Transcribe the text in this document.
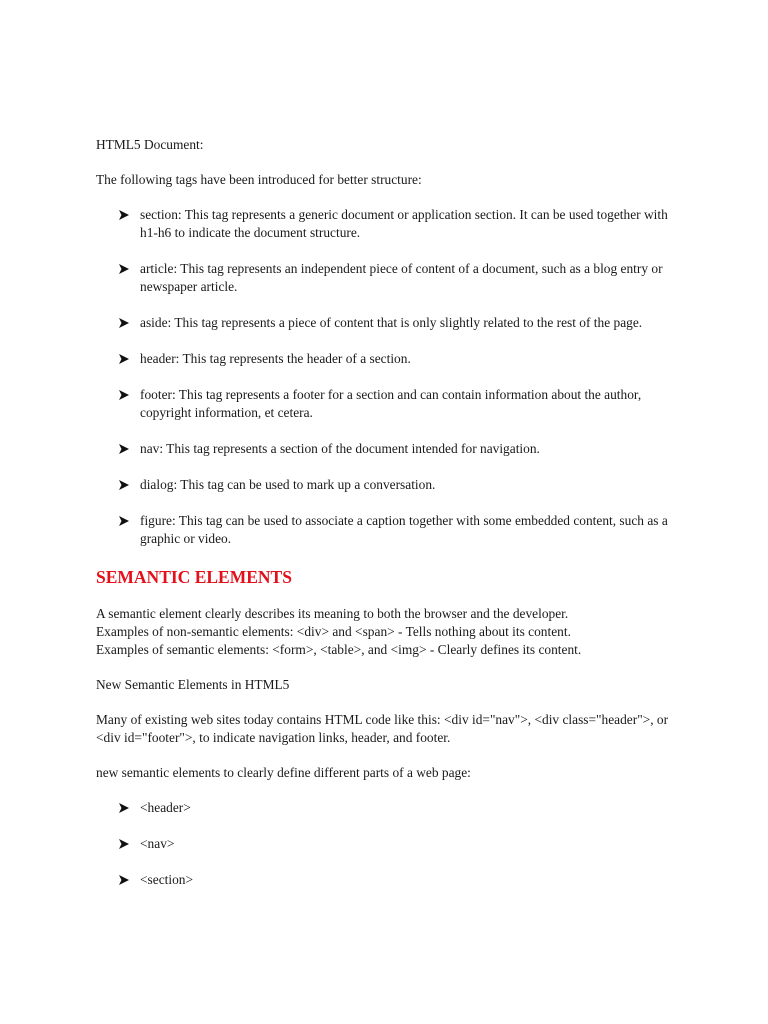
HTML5 Document:

The following tags have been introduced for better structure:

section: This tag represents a generic document or application section. It can be used together with h1-h6 to indicate the document structure.
article: This tag represents an independent piece of content of a document, such as a blog entry or newspaper article.
aside: This tag represents a piece of content that is only slightly related to the rest of the page.
header: This tag represents the header of a section.
footer: This tag represents a footer for a section and can contain information about the author, copyright information, et cetera.
nav: This tag represents a section of the document intended for navigation.
dialog: This tag can be used to mark up a conversation.
figure: This tag can be used to associate a caption together with some embedded content, such as a graphic or video.
SEMANTIC ELEMENTS

A semantic element clearly describes its meaning to both the browser and the developer.

Examples of non-semantic elements: <div> and <span> - Tells nothing about its content.

Examples of semantic elements: <form>, <table>, and <img> - Clearly defines its content.

New Semantic Elements in HTML5

Many of existing web sites today contains HTML code like this: <div id="nav">, <div class="header">, or <div id="footer">, to indicate navigation links, header, and footer.

new semantic elements to clearly define different parts of a web page:

<header>
<nav>
<section>
